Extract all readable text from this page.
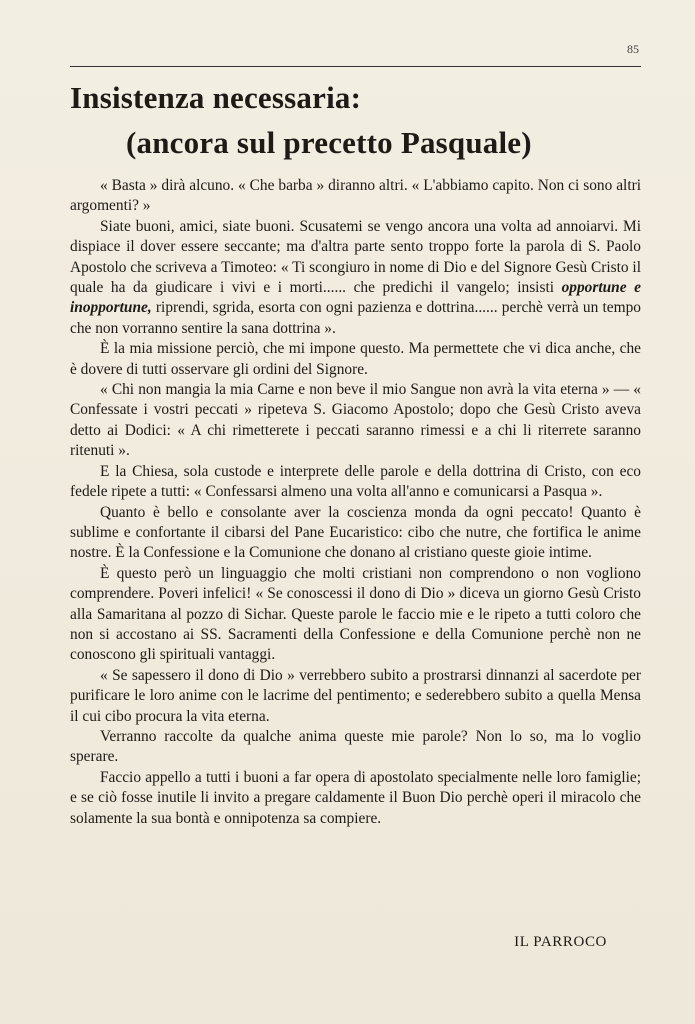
85
Insistenza necessaria:
(ancora sul precetto Pasquale)

« Basta » dirà alcuno. « Che barba » diranno altri. « L'abbiamo capito. Non ci sono altri argomenti? »

Siate buoni, amici, siate buoni. Scusatemi se vengo ancora una volta ad annoiarvi. Mi dispiace il dover essere seccante; ma d'altra parte sento troppo forte la parola di S. Paolo Apostolo che scriveva a Timoteo: « Ti scongiuro in nome di Dio e del Signore Gesù Cristo il quale ha da giudicare i vivi e i morti...... che predichi il vangelo; insisti opportune e inopportune, riprendi, sgrida, esorta con ogni pazienza e dottrina...... perchè verrà un tempo che non vorranno sentire la sana dottrina ».

È la mia missione perciò, che mi impone questo. Ma permettete che vi dica anche, che è dovere di tutti osservare gli ordini del Signore.

« Chi non mangia la mia Carne e non beve il mio Sangue non avrà la vita eterna » — « Confessate i vostri peccati » ripeteva S. Giacomo Apostolo; dopo che Gesù Cristo aveva detto ai Dodici: « A chi rimetterete i peccati saranno rimessi e a chi li riterrete saranno ritenuti ».

E la Chiesa, sola custode e interprete delle parole e della dottrina di Cristo, con eco fedele ripete a tutti: « Confessarsi almeno una volta all'anno e comunicarsi a Pasqua ».

Quanto è bello e consolante aver la coscienza monda da ogni peccato! Quanto è sublime e confortante il cibarsi del Pane Eucaristico: cibo che nutre, che fortifica le anime nostre. È la Confessione e la Comunione che donano al cristiano queste gioie intime.

È questo però un linguaggio che molti cristiani non comprendono o non vogliono comprendere. Poveri infelici! « Se conoscessi il dono di Dio » diceva un giorno Gesù Cristo alla Samaritana al pozzo di Sichar. Queste parole le faccio mie e le ripeto a tutti coloro che non si accostano ai SS. Sacramenti della Confessione e della Comunione perchè non ne conoscono gli spirituali vantaggi.

« Se sapessero il dono di Dio » verrebbero subito a prostrarsi dinnanzi al sacerdote per purificare le loro anime con le lacrime del pentimento; e sederebbero subito a quella Mensa il cui cibo procura la vita eterna.

Verranno raccolte da qualche anima queste mie parole? Non lo so, ma lo voglio sperare.

Faccio appello a tutti i buoni a far opera di apostolato specialmente nelle loro famiglie; e se ciò fosse inutile li invito a pregare caldamente il Buon Dio perchè operi il miracolo che solamente la sua bontà e onnipotenza sa compiere.

IL PARROCO
